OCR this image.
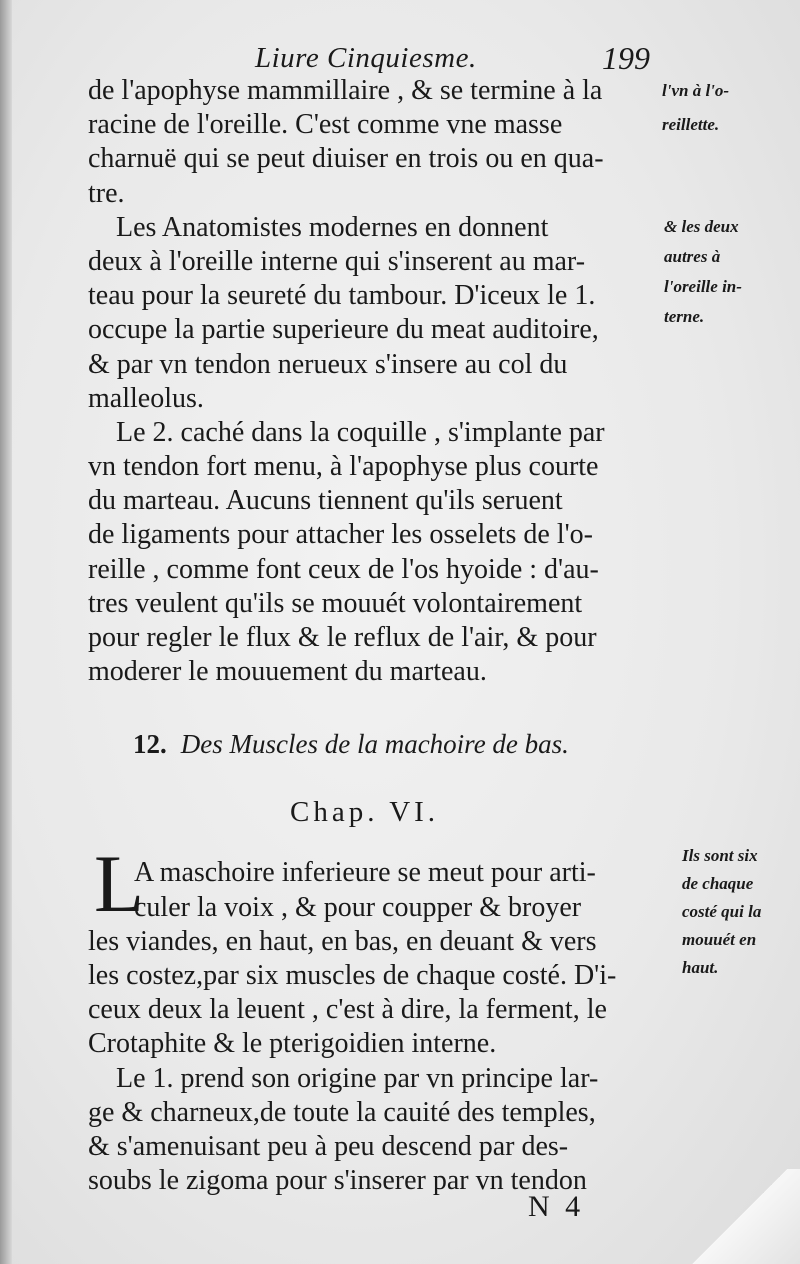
Liure Cinquiesme.	199
de l'apophyse mammillaire , & se termine à la
racine de l'oreille. C'est comme vne masse
charnuë qui se peut diuiser en trois ou en qua-
tre.
Les Anatomistes modernes en donnent
deux à l'oreille interne qui s'inserent au mar-
teau pour la seureté du tambour. D'iceux le 1.
occupe la partie superieure du meat auditoire,
& par vn tendon nerueux s'insere au col du
malleolus.
Le 2. caché dans la coquille , s'implante par
vn tendon fort menu, à l'apophyse plus courte
du marteau. Aucuns tiennent qu'ils seruent
de ligaments pour attacher les osselets de l'o-
reille , comme font ceux de l'os hyoide : d'au-
tres veulent qu'ils se mouuét volontairement
pour regler le flux & le reflux de l'air, & pour
moderer le mouuement du marteau.
12. Des Muscles de la machoire de bas.
Chap. VI.
A maschoire inferieure se meut pour arti-
culer la voix , & pour coupper & broyer
les viandes, en haut, en bas, en deuant & vers
les costez,par six muscles de chaque costé. D'i-
ceux deux la leuent , c'est à dire, la ferment, le
Crotaphite & le pterigoidien interne.
Le 1. prend son origine par vn principe lar-
ge & charneux,de toute la cauité des temples,
& s'amenuisant peu à peu descend par des-
soubs le zigoma pour s'inserer par vn tendon
L
l'vn à l'o-
reillette.
& les deux
autres à
l'oreille in-
terne.
Ils sont six
de chaque
costé qui la
mouuét en
haut.
N 4
